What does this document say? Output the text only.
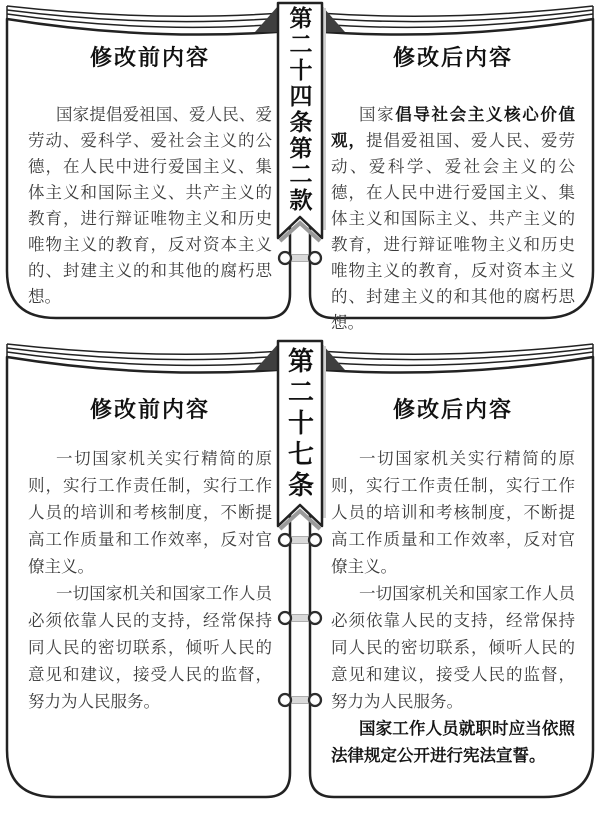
修改前内容

国家提倡爱祖国、爱人民、爱劳动、爱科学、爱社会主义的公德，在人民中进行爱国主义、集体主义和国际主义、共产主义的教育，进行辩证唯物主义和历史唯物主义的教育，反对资本主义的、封建主义的和其他的腐朽思想。

修改后内容

国家倡导社会主义核心价值观，提倡爱祖国、爱人民、爱劳动、爱科学、爱社会主义的公德，在人民中进行爱国主义、集体主义和国际主义、共产主义的教育，进行辩证唯物主义和历史唯物主义的教育，反对资本主义的、封建主义的和其他的腐朽思想。

第二十四条第二款
修改前内容

一切国家机关实行精简的原则，实行工作责任制，实行工作人员的培训和考核制度，不断提高工作质量和工作效率，反对官僚主义。

一切国家机关和国家工作人员必须依靠人民的支持，经常保持同人民的密切联系，倾听人民的意见和建议，接受人民的监督，努力为人民服务。

修改后内容

一切国家机关实行精简的原则，实行工作责任制，实行工作人员的培训和考核制度，不断提高工作质量和工作效率，反对官僚主义。

一切国家机关和国家工作人员必须依靠人民的支持，经常保持同人民的密切联系，倾听人民的意见和建议，接受人民的监督，努力为人民服务。

国家工作人员就职时应当依照法律规定公开进行宪法宣誓。

第二十七条
